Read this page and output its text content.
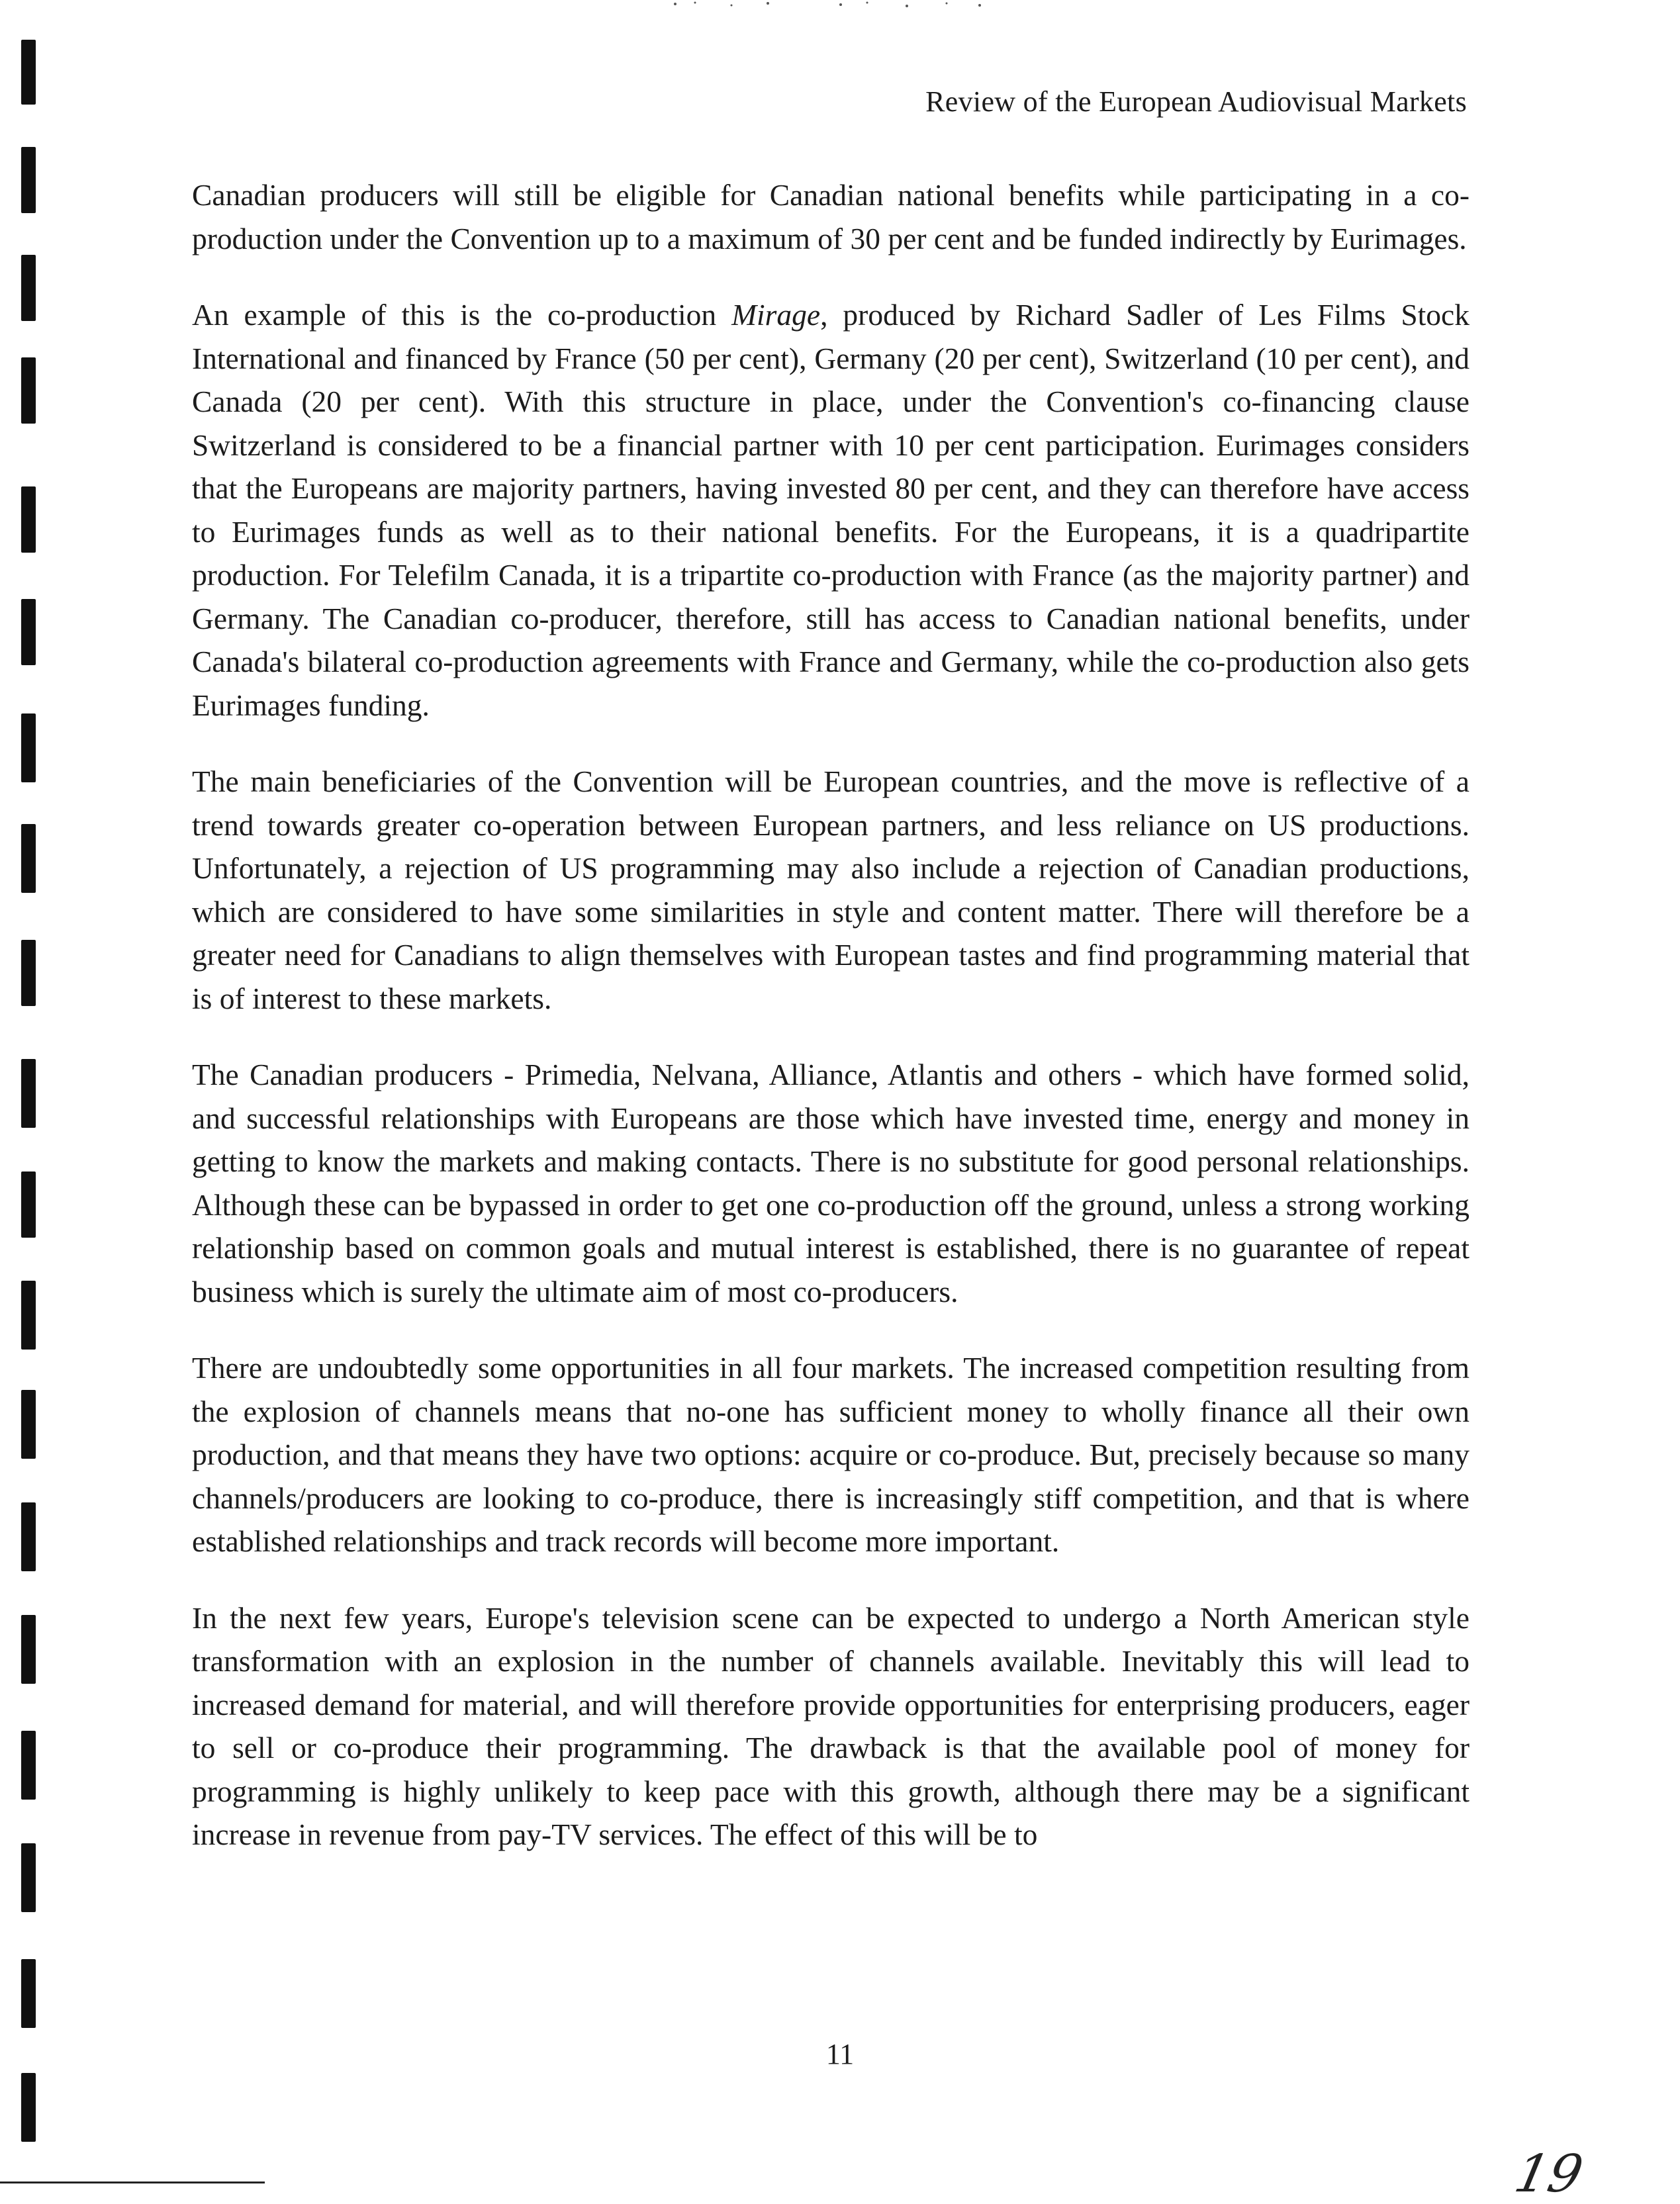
Review of the European Audiovisual Markets

Canadian producers will still be eligible for Canadian national benefits while participating in a co-production under the Convention up to a maximum of 30 per cent and be funded indirectly by Eurimages.

An example of this is the co-production Mirage, produced by Richard Sadler of Les Films Stock International and financed by France (50 per cent), Germany (20 per cent), Switzerland (10 per cent), and Canada (20 per cent). With this structure in place, under the Convention's co-financing clause Switzerland is considered to be a financial partner with 10 per cent participation. Eurimages considers that the Europeans are majority partners, having invested 80 per cent, and they can therefore have access to Eurimages funds as well as to their national benefits. For the Europeans, it is a quadripartite production. For Telefilm Canada, it is a tripartite co-production with France (as the majority partner) and Germany. The Canadian co-producer, therefore, still has access to Canadian national benefits, under Canada's bilateral co-production agreements with France and Germany, while the co-production also gets Eurimages funding.

The main beneficiaries of the Convention will be European countries, and the move is reflective of a trend towards greater co-operation between European partners, and less reliance on US productions. Unfortunately, a rejection of US programming may also include a rejection of Canadian productions, which are considered to have some similarities in style and content matter. There will therefore be a greater need for Canadians to align themselves with European tastes and find programming material that is of interest to these markets.

The Canadian producers - Primedia, Nelvana, Alliance, Atlantis and others - which have formed solid, and successful relationships with Europeans are those which have invested time, energy and money in getting to know the markets and making contacts. There is no substitute for good personal relationships. Although these can be bypassed in order to get one co-production off the ground, unless a strong working relationship based on common goals and mutual interest is established, there is no guarantee of repeat business which is surely the ultimate aim of most co-producers.

There are undoubtedly some opportunities in all four markets. The increased competition resulting from the explosion of channels means that no-one has sufficient money to wholly finance all their own production, and that means they have two options: acquire or co-produce. But, precisely because so many channels/producers are looking to co-produce, there is increasingly stiff competition, and that is where established relationships and track records will become more important.

In the next few years, Europe's television scene can be expected to undergo a North American style transformation with an explosion in the number of channels available. Inevitably this will lead to increased demand for material, and will therefore provide opportunities for enterprising producers, eager to sell or co-produce their programming. The drawback is that the available pool of money for programming is highly unlikely to keep pace with this growth, although there may be a significant increase in revenue from pay-TV services. The effect of this will be to

11
19
